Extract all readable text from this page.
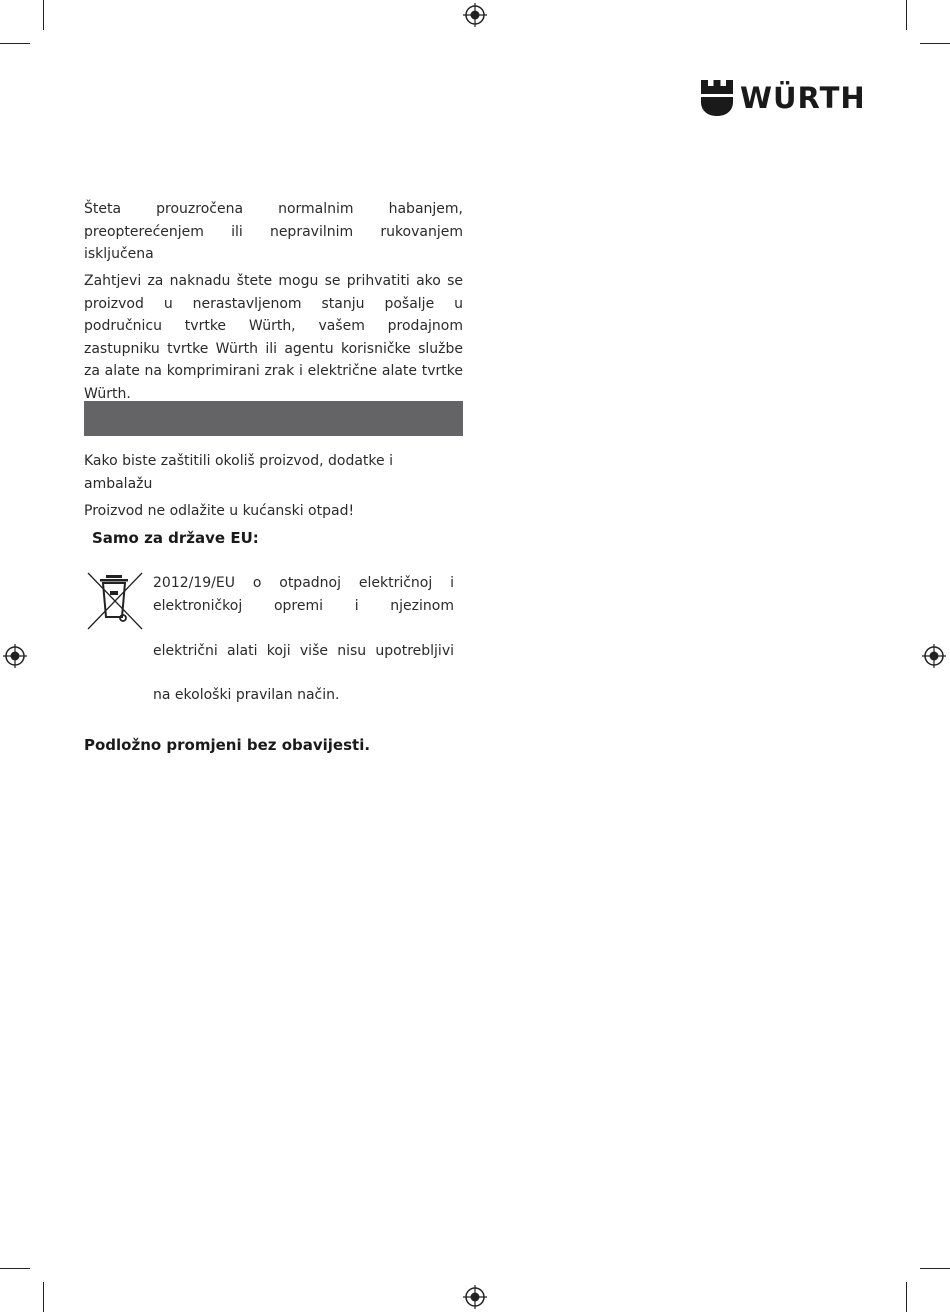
WÜRTH
Šteta prouzročena normalnim habanjem, preopterećenjem ili nepravilnim rukovanjem isključena
Zahtjevi za naknadu štete mogu se prihvatiti ako se proizvod u nerastavljenom stanju pošalje u područnicu tvrtke Würth, vašem prodajnom zastupniku tvrtke Würth ili agentu korisničke službe za alate na komprimirani zrak i električne alate tvrtke Würth.
Kako biste zaštitili okoliš proizvod, dodatke i ambalažu
Proizvod ne odlažite u kućanski otpad!
Samo za države EU:
2012/19/EU o otpadnoj električnoj i elektroničkoj opremi i njezinom
električni alati koji više nisu upotrebljivi
na ekološki pravilan način.
Podložno promjeni bez obavijesti.
